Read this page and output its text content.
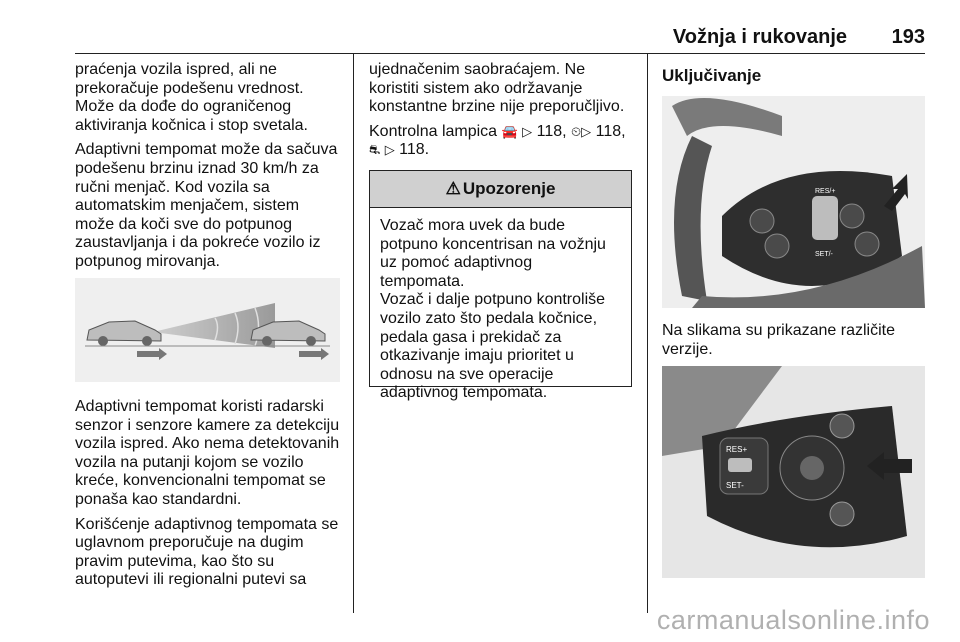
Vožnja i rukovanje 193

praćenja vozila ispred, ali ne
prekoračuje podešenu vrednost.
Može da dođe do ograničenog
aktiviranja kočnica i stop svetala.

Adaptivni tempomat može da sačuva
podešenu brzinu iznad 30 km/h za
ručni menjač. Kod vozila sa
automatskim menjačem, sistem
može da koči sve do potpunog
zaustavljanja i da pokreće vozilo iz
potpunog mirovanja.

Adaptivni tempomat koristi radarski
senzor i senzore kamere za detekciju
vozila ispred. Ako nema detektovanih
vozila na putanji kojom se vozilo
kreće, konvencionalni tempomat se
ponaša kao standardni.

Korišćenje adaptivnog tempomata se
uglavnom preporučuje na dugim
pravim putevima, kao što su
autoputevi ili regionalni putevi sa

ujednačenim saobraćajem. Ne
koristiti sistem ako održavanje
konstantne brzine nije preporučljivo.

Kontrolna lampica 🚘 ▷ 118, ⏲▷ 118,
⛐ ▷ 118.

⚠ Upozorenje
Vozač mora uvek da bude
potpuno koncentrisan na vožnju
uz pomoć adaptivnog tempomata.
Vozač i dalje potpuno kontroliše
vozilo zato što pedala kočnice,
pedala gasa i prekidač za
otkazivanje imaju prioritet u
odnosu na sve operacije
adaptivnog tempomata.
Uključivanje
RES/+
SET/-
Na slikama su prikazane različite
verzije.
RES+
SET-
carmanualsonline.info
